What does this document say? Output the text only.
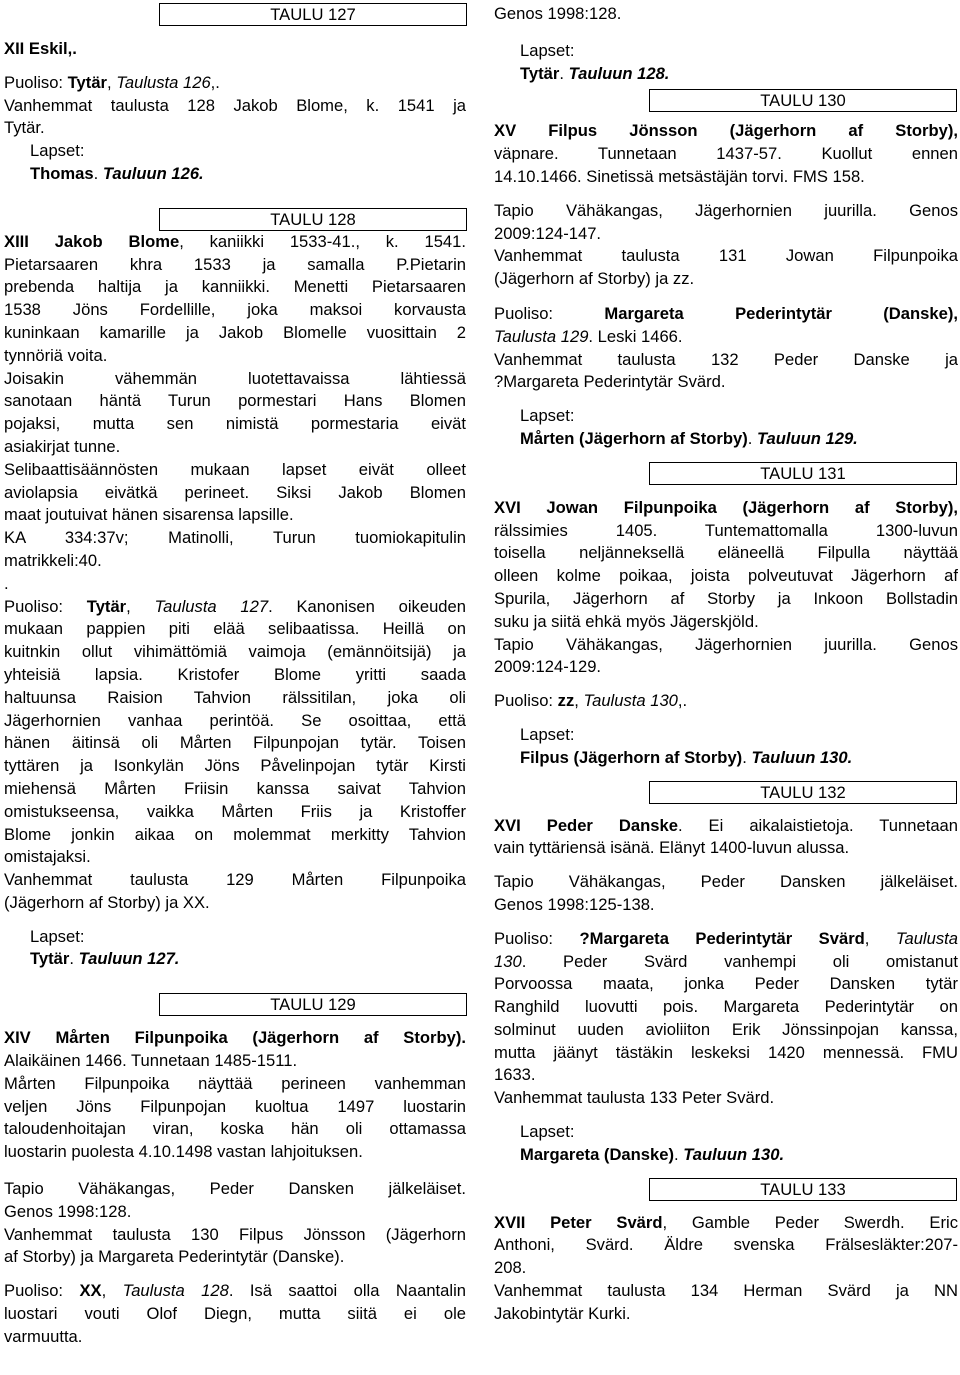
TAULU 127
XII Eskil,.
Puoliso: Tytär, Taulusta 126,.
Vanhemmat taulusta 128 Jakob Blome, k. 1541 ja
Tytär.
Lapset:
Thomas. Tauluun 126.
TAULU 128
XIII Jakob Blome, kaniikki 1533-41., k. 1541.
Pietarsaaren khra 1533 ja samalla P.Pietarin
prebenda haltija ja kanniikki. Menetti Pietarsaaren
1538 Jöns Fordellille, joka maksoi korvausta
kuninkaan kamarille ja Jakob Blomelle vuosittain 2
tynnöriä voita.
Joisakin vähemmän luotettavaissa lähtiessä
sanotaan häntä Turun pormestari Hans Blomen
pojaksi, mutta sen nimistä pormestaria eivät
asiakirjat tunne.
Selibaattisäännösten mukaan lapset eivät olleet
aviolapsia eivätkä perineet. Siksi Jakob Blomen
maat joutuivat hänen sisarensa lapsille.
KA 334:37v; Matinolli, Turun tuomiokapitulin
matrikkeli:40.
.
Puoliso: Tytär, Taulusta 127. Kanonisen oikeuden
mukaan pappien piti elää selibaatissa. Heillä on
kuitnkin ollut vihimättömiä vaimoja (emännöitsijä) ja
yhteisiä lapsia. Kristofer Blome yritti saada
haltuunsa Raision Tahvion rälssitilan, joka oli
Jägerhornien vanhaa perintöä. Se osoittaa, että
hänen äitinsä oli Mårten Filpunpojan tytär. Toisen
tyttären ja Isonkylän Jöns Påvelinpojan tytär Kirsti
miehensä Mårten Friisin kanssa saivat Tahvion
omistukseensa, vaikka Mårten Friis ja Kristoffer
Blome jonkin aikaa on molemmat merkitty Tahvion
omistajaksi.
Vanhemmat taulusta 129 Mårten Filpunpoika
(Jägerhorn af Storby) ja XX.
Lapset:
Tytär. Tauluun 127.
TAULU 129
XIV Mårten Filpunpoika (Jägerhorn af Storby).
Alaikäinen 1466. Tunnetaan 1485-1511.
Mårten Filpunpoika näyttää perineen vanhemman
veljen Jöns Filpunpojan kuoltua 1497 luostarin
taloudenhoitajan viran, koska hän oli ottamassa
luostarin puolesta 4.10.1498 vastan lahjoituksen.
Tapio Vähäkangas, Peder Dansken jälkeläiset.
Genos 1998:128.
Vanhemmat taulusta 130 Filpus Jönsson (Jägerhorn
af Storby) ja Margareta Pederintytär (Danske).
Puoliso: XX, Taulusta 128. Isä saattoi olla Naantalin
luostari vouti Olof Diegn, mutta siitä ei ole
varmuutta.
Genos 1998:128.
Lapset:
Tytär. Tauluun 128.
TAULU 130
XV Filpus Jönsson (Jägerhorn af Storby),
väpnare. Tunnetaan 1437-57. Kuollut ennen
14.10.1466. Sinetissä metsästäjän torvi. FMS 158.
Tapio Vähäkangas, Jägerhornien juurilla. Genos
2009:124-147.
Vanhemmat taulusta 131 Jowan Filpunpoika
(Jägerhorn af Storby) ja zz.
Puoliso: Margareta Pederintytär (Danske),
Taulusta 129. Leski 1466.
Vanhemmat taulusta 132 Peder Danske ja
?Margareta Pederintytär Svärd.
Lapset:
Mårten (Jägerhorn af Storby). Tauluun 129.
TAULU 131
XVI Jowan Filpunpoika (Jägerhorn af Storby),
rälssimies 1405. Tuntemattomalla 1300-luvun
toisella neljänneksellä eläneellä Filpulla näyttää
olleen kolme poikaa, joista polveutuvat Jägerhorn af
Spurila, Jägerhorn af Storby ja Inkoon Bollstadin
suku ja siitä ehkä myös Jägerskjöld.
Tapio Vähäkangas, Jägerhornien juurilla. Genos
2009:124-129.
Puoliso: zz, Taulusta 130,.
Lapset:
Filpus (Jägerhorn af Storby). Tauluun 130.
TAULU 132
XVI Peder Danske. Ei aikalaistietoja. Tunnetaan
vain tyttäriensä isänä. Elänyt 1400-luvun alussa.
Tapio Vähäkangas, Peder Dansken jälkeläiset.
Genos 1998:125-138.
Puoliso: ?Margareta Pederintytär Svärd, Taulusta
130. Peder Svärd vanhempi oli omistanut
Porvoossa maata, jonka Peder Dansken tytär
Ranghild luovutti pois. Margareta Pederintytär on
solminut uuden avioliiton Erik Jönssinpojan kanssa,
mutta jäänyt tästäkin leskeksi 1420 mennessä. FMU
1633.
Vanhemmat taulusta 133 Peter Svärd.
Lapset:
Margareta (Danske). Tauluun 130.
TAULU 133
XVII Peter Svärd, Gamble Peder Swerdh. Eric
Anthoni, Svärd. Äldre svenska Frälsesläkter:207-
208.
Vanhemmat taulusta 134 Herman Svärd ja NN
Jakobintytär Kurki.
